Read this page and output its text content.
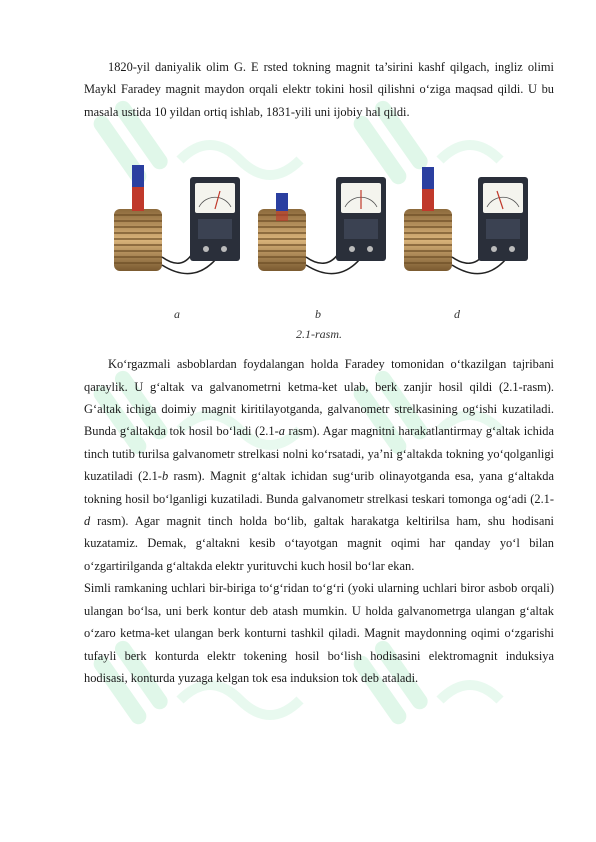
1820-yil daniyalik olim G. E rsted tokning magnit ta’sirini kashf qilgach, ingliz olimi Maykl Faradey magnit maydon orqali elektr tokini hosil qilishni o‘ziga maqsad qildi. U bu masala ustida 10 yildan ortiq ishlab, 1831-yili uni ijobiy hal qildi.

a	b	d
2.1-rasm.

Ko‘rgazmali asboblardan foydalangan holda Faradey tomonidan o‘tkazilgan tajribani qaraylik. U g‘altak va galvanometrni ketma-ket ulab, berk zanjir hosil qildi (2.1-rasm). G‘altak ichiga doimiy magnit kiritilayotganda, galvanometr strelkasining og‘ishi kuzatiladi. Bunda g‘altakda tok hosil bo‘ladi (2.1-a rasm). Agar magnitni harakatlantirmay g‘altak ichida tinch tutib turilsa galvanometr strelkasi nolni ko‘rsatadi, ya’ni g‘altakda tokning yo‘qolganligi kuzatiladi (2.1-b rasm). Magnit g‘altak ichidan sug‘urib olinayotganda esa, yana g‘altakda tokning hosil bo‘lganligi kuzatiladi. Bunda galvanometr strelkasi teskari tomonga og‘adi (2.1-d rasm). Agar magnit tinch holda bo‘lib, galtak harakatga keltirilsa ham, shu hodisani kuzatamiz. Demak, g‘altakni kesib o‘tayotgan magnit oqimi har qanday yo‘l bilan o‘zgartirilganda g‘altakda elektr yurituvchi kuch hosil bo‘lar ekan.

Simli ramkaning uchlari bir-biriga to‘g‘ridan to‘g‘ri (yoki ularning uchlari biror asbob orqali) ulangan bo‘lsa, uni berk kontur deb atash mumkin. U holda galvanometrga ulangan g‘altak o‘zaro ketma-ket ulangan berk konturni tashkil qiladi. Magnit maydonning oqimi o‘zgarishi tufayli berk konturda elektr tokening hosil bo‘lish hodisasini elektromagnit induksiya hodisasi, konturda yuzaga kelgan tok esa induksion tok deb ataladi.
